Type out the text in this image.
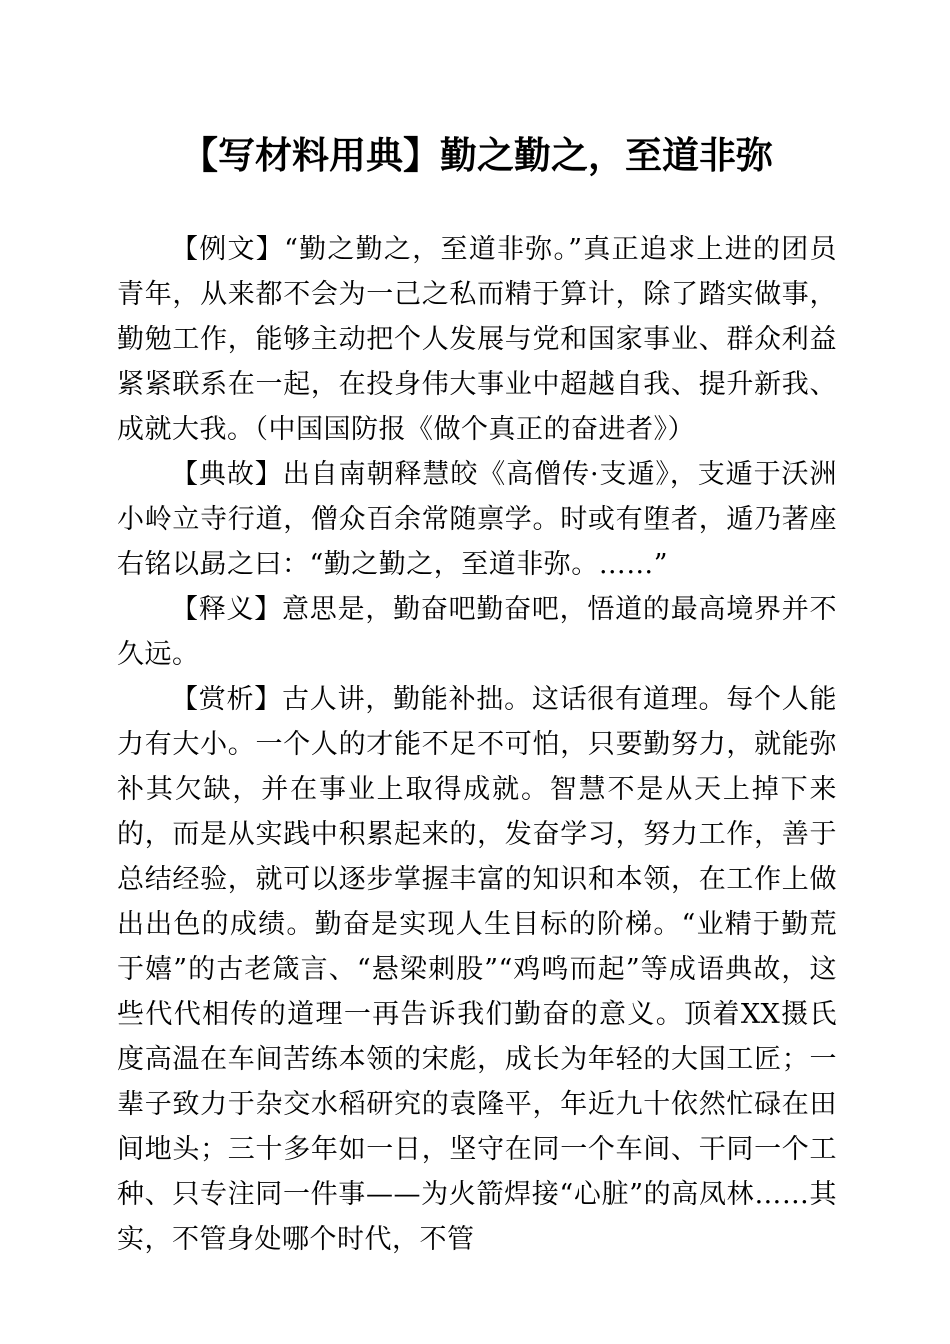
【写材料用典】勤之勤之，至道非弥

【例文】“勤之勤之，至道非弥。”真正追求上进的团员青年，从来都不会为一己之私而精于算计，除了踏实做事，勤勉工作，能够主动把个人发展与党和国家事业、群众利益紧紧联系在一起，在投身伟大事业中超越自我、提升新我、成就大我。（中国国防报《做个真正的奋进者》）

【典故】出自南朝释慧皎《高僧传·支遁》，支遁于沃洲小岭立寺行道，僧众百余常随禀学。时或有堕者，遁乃著座右铭以勗之曰：“勤之勤之，至道非弥。……”

【释义】意思是，勤奋吧勤奋吧，悟道的最高境界并不久远。

【赏析】古人讲，勤能补拙。这话很有道理。每个人能力有大小。一个人的才能不足不可怕，只要勤努力，就能弥补其欠缺，并在事业上取得成就。智慧不是从天上掉下来的，而是从实践中积累起来的，发奋学习，努力工作，善于总结经验，就可以逐步掌握丰富的知识和本领，在工作上做出出色的成绩。勤奋是实现人生目标的阶梯。“业精于勤荒于嬉”的古老箴言、“悬梁刺股”“鸡鸣而起”等成语典故，这些代代相传的道理一再告诉我们勤奋的意义。顶着XX摄氏度高温在车间苦练本领的宋彪，成长为年轻的大国工匠；一辈子致力于杂交水稻研究的袁隆平，年近九十依然忙碌在田间地头；三十多年如一日，坚守在同一个车间、干同一个工种、只专注同一件事——为火箭焊接“心脏”的高凤林……其实，不管身处哪个时代，不管
